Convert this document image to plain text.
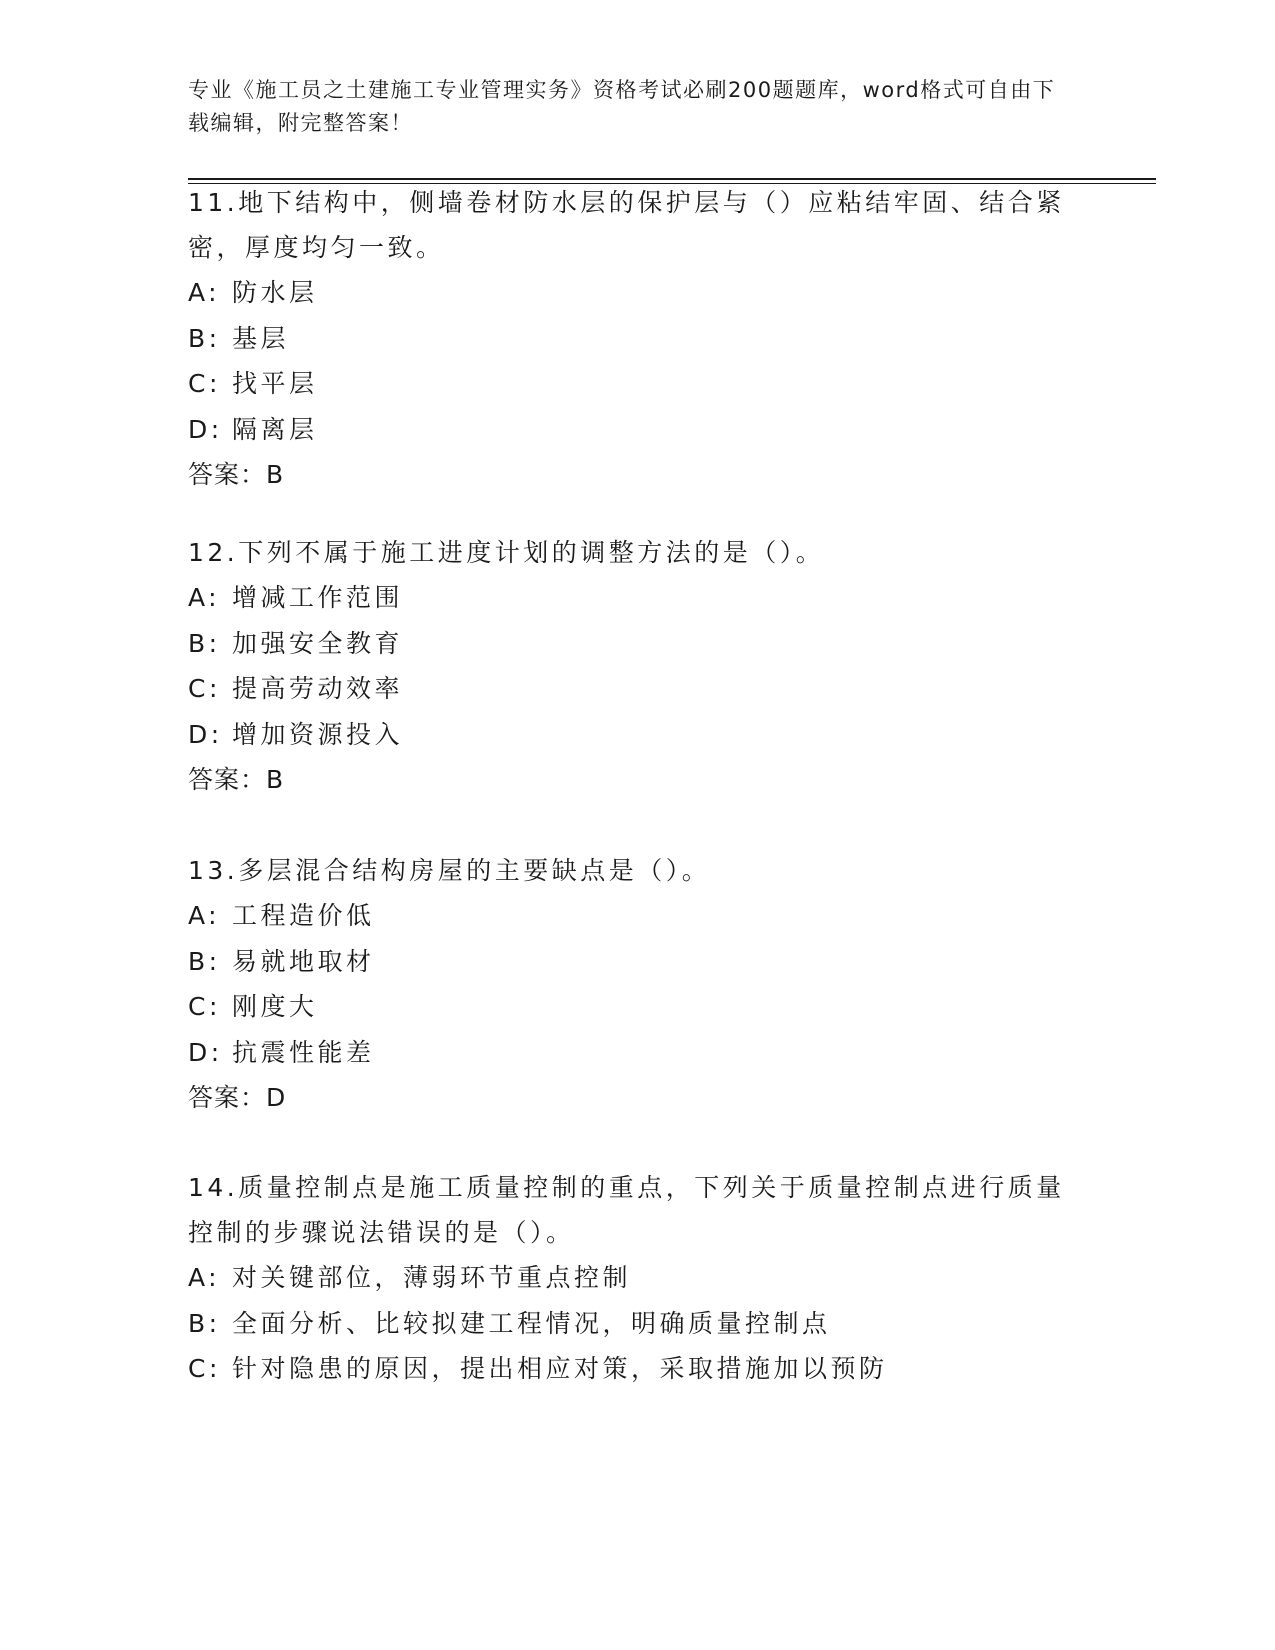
专业《施工员之土建施工专业管理实务》资格考试必刷200题题库，word格式可自由下载编辑，附完整答案！

11.地下结构中，侧墙卷材防水层的保护层与（）应粘结牢固、结合紧密，厚度均匀一致。

A: 防水层

B: 基层

C: 找平层

D: 隔离层

答案：B

12.下列不属于施工进度计划的调整方法的是（）。

A: 增减工作范围

B: 加强安全教育

C: 提高劳动效率

D: 增加资源投入

答案：B

13.多层混合结构房屋的主要缺点是（）。

A: 工程造价低

B: 易就地取材

C: 刚度大

D: 抗震性能差

答案：D

14.质量控制点是施工质量控制的重点，下列关于质量控制点进行质量控制的步骤说法错误的是（）。

A: 对关键部位，薄弱环节重点控制

B: 全面分析、比较拟建工程情况，明确质量控制点

C: 针对隐患的原因，提出相应对策，采取措施加以预防
